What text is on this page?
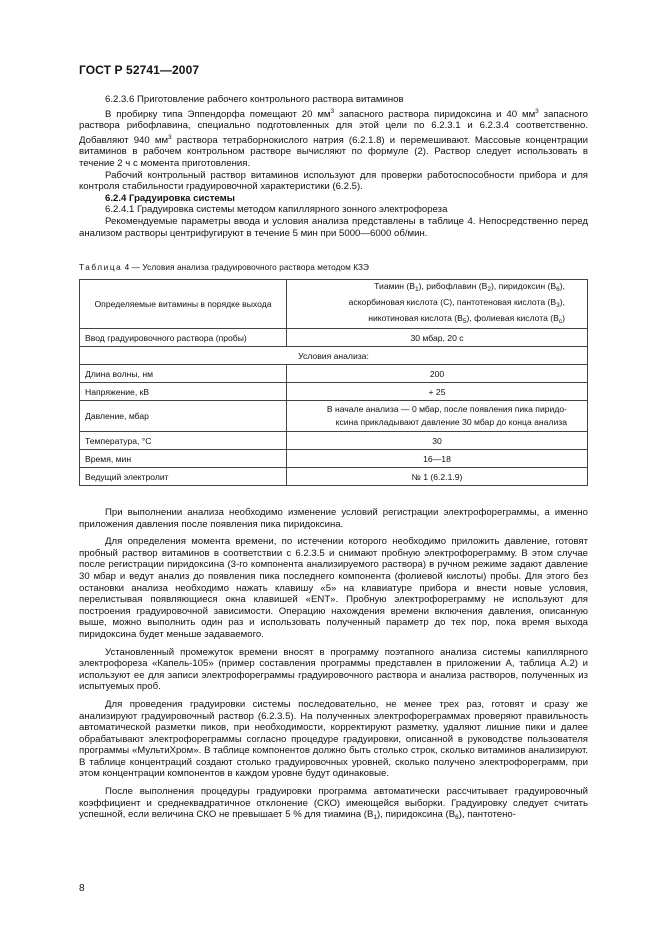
ГОСТ Р 52741—2007

6.2.3.6 Приготовление рабочего контрольного раствора витаминов

В пробирку типа Эппендорфа помещают 20 $мм^3$ запасного раствора пиридоксина и 40 $мм^3$ запасного раствора рибофлавина, специально подготовленных для этой цели по 6.2.3.1 и 6.2.3.4 соответственно. Добавляют 940 $мм^3$ раствора тетраборнокислого натрия (6.2.1.8) и перемешивают. Массовые концентрации витаминов в рабочем контрольном растворе вычисляют по формуле (2). Раствор следует использовать в течение 2 ч с момента приготовления.

Рабочий контрольный раствор витаминов используют для проверки работоспособности прибора и для контроля стабильности градуировочной характеристики (6.2.5).

6.2.4 Градуировка системы

6.2.4.1 Градуировка системы методом капиллярного зонного электрофореза

Рекомендуемые параметры ввода и условия анализа представлены в таблице 4. Непосредственно перед анализом растворы центрифугируют в течение 5 мин при 5000—6000 об/мин.

Таблица 4 — Условия анализа градуировочного раствора методом КЗЭ
Определяемые витамины в порядке выхода	Тиамин $(В_1)$, рибофлавин $(В_2)$, пиридоксин $(В_6)$,
аскорбиновая кислота (С), пантотеновая кислота $(В_3)$,
никотиновая кислота $(В_5)$, фолиевая кислота $(В_с)$

Ввод градуировочного раствора (пробы)	30 мбар, 20 с
Условия анализа:	
Длина волны, нм	200
Напряжение, кВ	+ 25
Давление, мбар	В начале анализа — 0 мбар, после появления пика пиридо-
ксина прикладывают давление 30 мбар до конца анализа

Температура, °С	30
Время, мин	16—18
Ведущий электролит	№ 1 (6.2.1.9)

При выполнении анализа необходимо изменение условий регистрации электрофореграммы, а именно приложения давления после появления пика пиридоксина.

Для определения момента времени, по истечении которого необходимо приложить давление, готовят пробный раствор витаминов в соответствии с 6.2.3.5 и снимают пробную электрофореграмму. В этом случае после регистрации пиридоксина (3-го компонента анализируемого раствора) в ручном режиме задают давление 30 мбар и ведут анализ до появления пика последнего компонента (фолиевой кислоты) пробы. Для этого без остановки анализа необходимо нажать клавишу «5» на клавиатуре прибора и внести новые условия, перелистывая появляющиеся окна клавишей «ENT». Пробную электрофореграмму не используют для построения градуировочной зависимости. Операцию нахождения времени включения давления, описанную выше, можно выполнить один раз и использовать полученный параметр до тех пор, пока время выхода пиридоксина будет меньше задаваемого.

Установленный промежуток времени вносят в программу поэтапного анализа системы капиллярного электрофореза «Капель-105» (пример составления программы представлен в приложении А, таблица А.2) и используют ее для записи электрофореграммы градуировочного раствора и анализа растворов, полученных из испытуемых проб.

Для проведения градуировки системы последовательно, не менее трех раз, готовят и сразу же анализируют градуировочный раствор (6.2.3.5). На полученных электрофореграммах проверяют правильность автоматической разметки пиков, при необходимости, корректируют разметку, удаляют лишние пики и далее обрабатывают электрофореграммы согласно процедуре градуировки, описанной в руководстве пользователя программы «МультиХром». В таблице компонентов должно быть столько строк, сколько витаминов анализируют. В таблице концентраций создают столько градуировочных уровней, сколько получено электрофореграмм, при этом концентрации компонентов в каждом уровне будут одинаковые.

После выполнения процедуры градуировки программа автоматически рассчитывает градуировочный коэффициент и среднеквадратичное отклонение (СКО) имеющейся выборки. Градуировку следует считать успешной, если величина СКО не превышает 5 % для тиамина $(В_1)$, пиридоксина $(В_6)$, пантотено-

8
